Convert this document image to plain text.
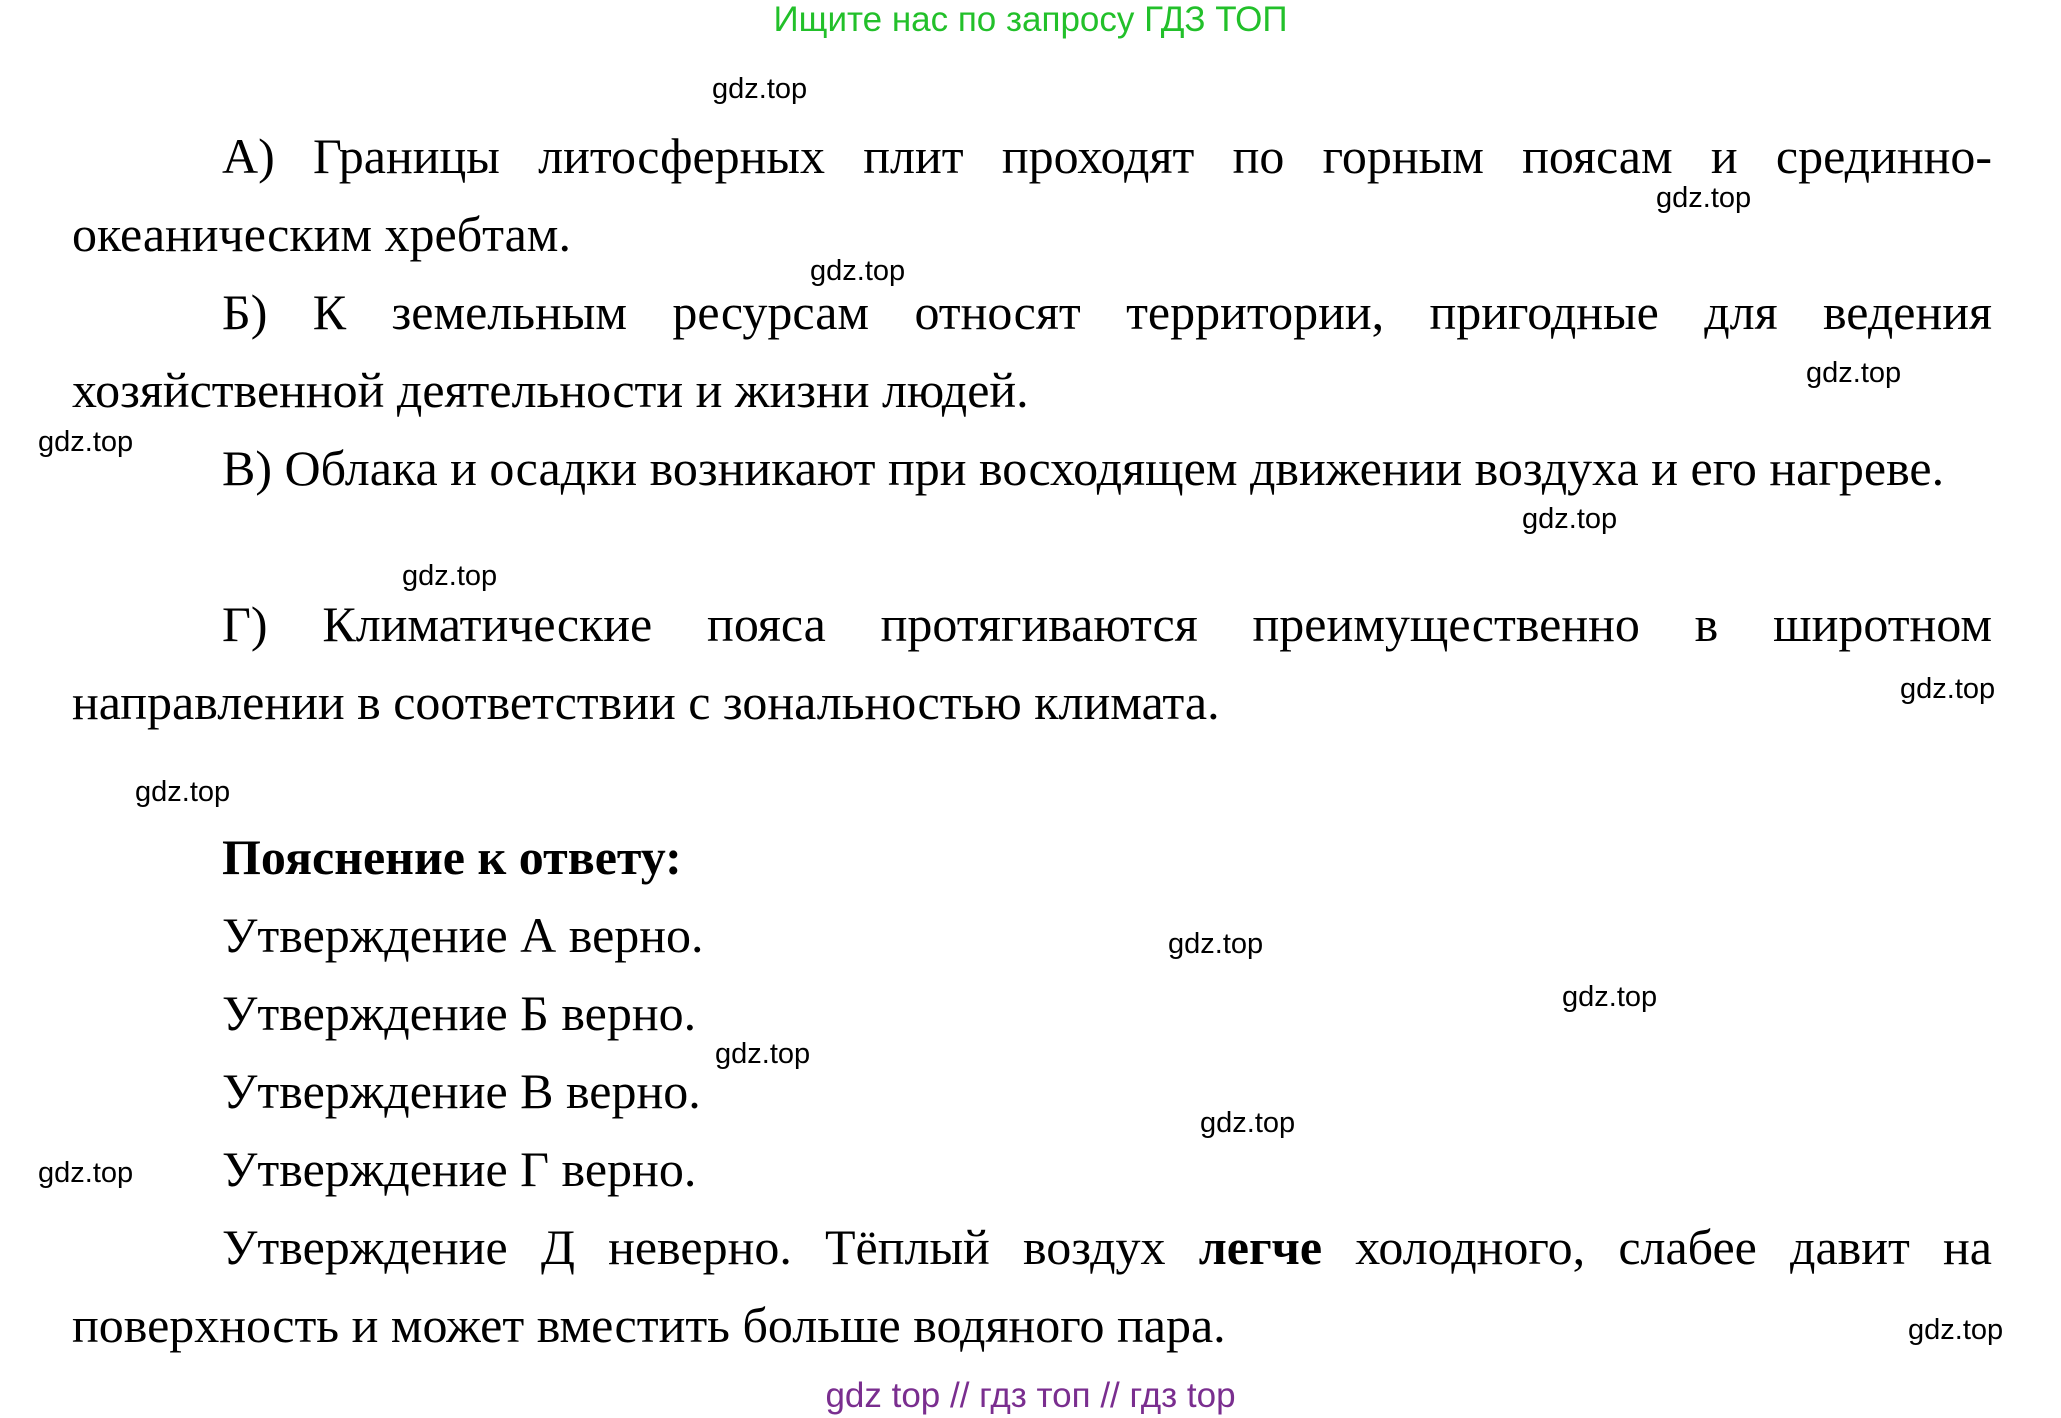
Ищите нас по запросу ГДЗ ТОП
А) Границы литосферных плит проходят по горным поясам и срединно-океаническим хребтам.
Б) К земельным ресурсам относят территории, пригодные для ведения хозяйственной деятельности и жизни людей.
В) Облака и осадки возникают при восходящем движении воздуха и его нагреве.
Г) Климатические пояса протягиваются преимущественно в широтном направлении в соответствии с зональностью климата.
Пояснение к ответу:
Утверждение А верно.
Утверждение Б верно.
Утверждение В верно.
Утверждение Г верно.
Утверждение Д неверно. Тёплый воздух легче холодного, слабее давит на поверхность и может вместить больше водяного пара.
gdz.top
gdz.top
gdz.top
gdz.top
gdz.top
gdz.top
gdz.top
gdz.top
gdz.top
gdz.top
gdz.top
gdz.top
gdz.top
gdz.top
gdz.top
gdz top // гдз топ // гдз top
